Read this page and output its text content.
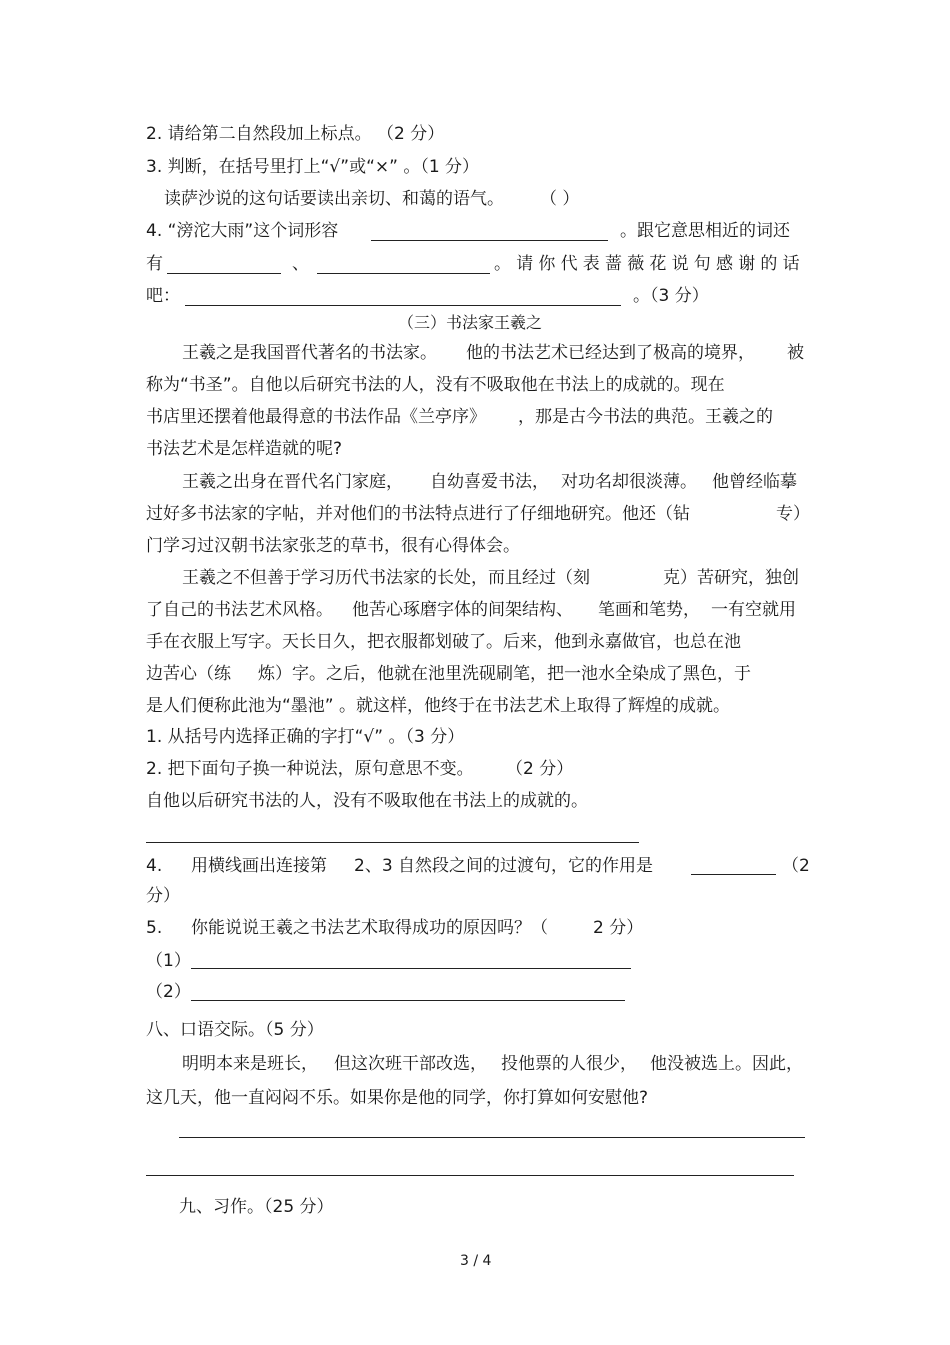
2. 请给第二自然段加上标点。 （2 分）
3. 判断，在括号里打上“√”或“×” 。（1 分）
读萨沙说的这句话要读出亲切、和蔼的语气。 （ ）
4. “滂沱大雨”这个词形容	。跟它意思相近的词还
有	、	。请你代表蔷薇花说句感谢的话
吧：	。（3 分）
（三）书法家王羲之
王羲之是我国晋代著名的书法家。 他的书法艺术已经达到了极高的境界， 被
称为“书圣”。自他以后研究书法的人，没有不吸取他在书法上的成就的。现在
书店里还摆着他最得意的书法作品《兰亭序》 ，那是古今书法的典范。王羲之的
书法艺术是怎样造就的呢?
王羲之出身在晋代名门家庭， 自幼喜爱书法， 对功名却很淡薄。 他曾经临摹
过好多书法家的字帖，并对他们的书法特点进行了仔细地研究。他还（钻	专）
门学习过汉朝书法家张芝的草书，很有心得体会。
王羲之不但善于学习历代书法家的长处，而且经过（刻	克）苦研究，独创
了自己的书法艺术风格。 他苦心琢磨字体的间架结构、 笔画和笔势， 一有空就用
手在衣服上写字。天长日久，把衣服都划破了。后来，他到永嘉做官，也总在池
边苦心（练 炼）字。之后，他就在池里洗砚刷笔，把一池水全染成了黑色，于
是人们便称此池为“墨池” 。就这样，他终于在书法艺术上取得了辉煌的成就。
1. 从括号内选择正确的字打“√” 。（3 分）
2. 把下面句子换一种说法，原句意思不变。 （2 分）
自他以后研究书法的人，没有不吸取他在书法上的成就的。
4. 用横线画出连接第 2、3 自然段之间的过渡句，它的作用是	（2
分）
5. 你能说说王羲之书法艺术取得成功的原因吗？（	2 分）
（1）
（2）
八、口语交际。（5 分）
明明本来是班长， 但这次班干部改选， 投他票的人很少， 他没被选上。因此，
这几天，他一直闷闷不乐。如果你是他的同学，你打算如何安慰他?
九、习作。（25 分）
3 / 4
